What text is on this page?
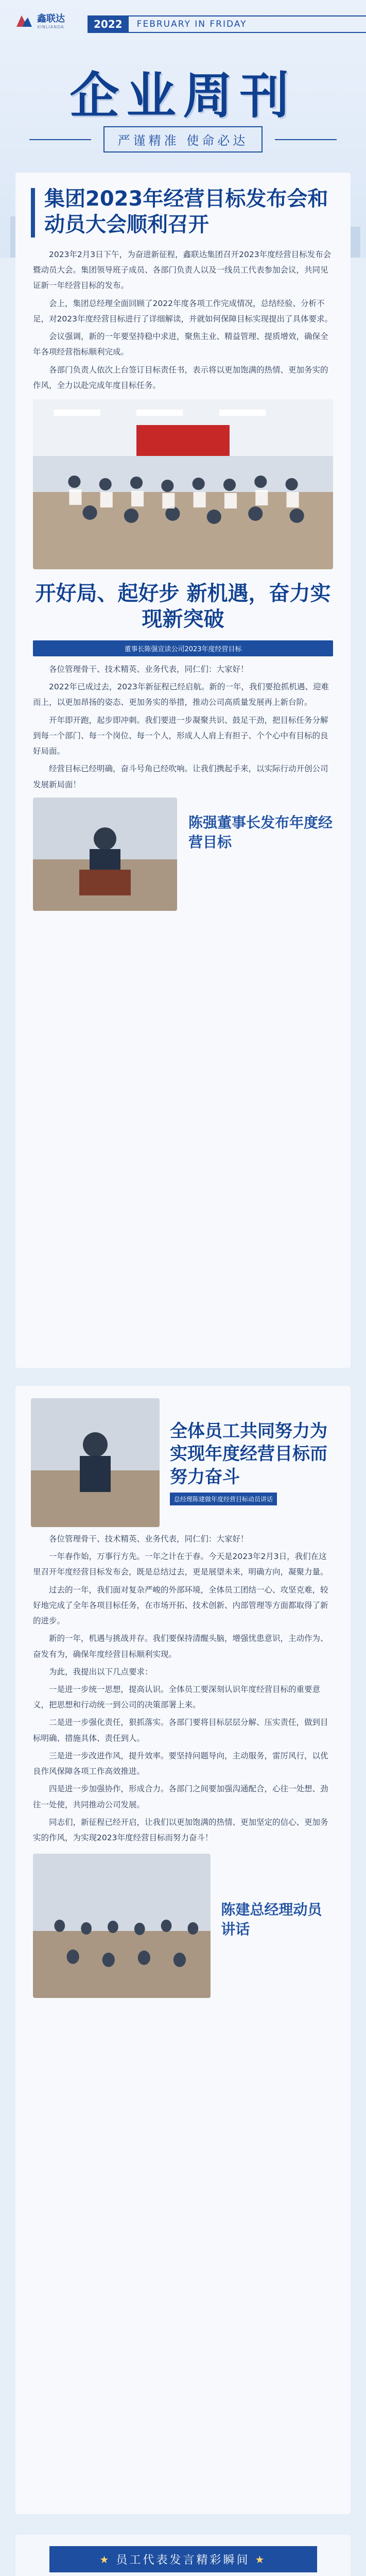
鑫联达
XINLIANDA	2022	FEBRUARY IN FRIDAY
企业周刊
严谨精准 使命必达
集团2023年经营目标发布会和动员大会顺利召开

2023年2月3日下午，为奋进新征程，鑫联达集团召开2023年度经营目标发布会暨动员大会。集团领导班子成员、各部门负责人以及一线员工代表参加会议，共同见证新一年经营目标的发布。

会上，集团总经理全面回顾了2022年度各项工作完成情况，总结经验、分析不足，对2023年度经营目标进行了详细解读，并就如何保障目标实现提出了具体要求。

会议强调，新的一年要坚持稳中求进，聚焦主业、精益管理、提质增效，确保全年各项经营指标顺利完成。

各部门负责人依次上台签订目标责任书，表示将以更加饱满的热情、更加务实的作风，全力以赴完成年度目标任务。

开好局、起好步 新机遇，奋力实现新突破
董事长陈强宣读公司2023年度经营目标

各位管理骨干、技术精英、业务代表，同仁们：大家好！

2022年已成过去，2023年新征程已经启航。新的一年，我们要抢抓机遇、迎难而上，以更加昂扬的姿态、更加务实的举措，推动公司高质量发展再上新台阶。

开年即开跑，起步即冲刺。我们要进一步凝聚共识、鼓足干劲，把目标任务分解到每一个部门、每一个岗位、每一个人，形成人人肩上有担子、个个心中有目标的良好局面。

经营目标已经明确，奋斗号角已经吹响。让我们携起手来，以实际行动开创公司发展新局面！

陈强董事长发布年度经营目标
全体员工共同努力为实现年度经营目标而努力奋斗
总经理陈建做年度经营目标动员讲话

各位管理骨干、技术精英、业务代表，同仁们：大家好！

一年春作始，万事行方先。一年之计在于春。今天是2023年2月3日，我们在这里召开年度经营目标发布会，既是总结过去，更是展望未来，明确方向，凝聚力量。

过去的一年，我们面对复杂严峻的外部环境，全体员工团结一心、攻坚克难，较好地完成了全年各项目标任务，在市场开拓、技术创新、内部管理等方面都取得了新的进步。

新的一年，机遇与挑战并存。我们要保持清醒头脑，增强忧患意识，主动作为、奋发有为，确保年度经营目标顺利实现。

为此，我提出以下几点要求：

一是进一步统一思想，提高认识。全体员工要深刻认识年度经营目标的重要意义，把思想和行动统一到公司的决策部署上来。

二是进一步强化责任，狠抓落实。各部门要将目标层层分解、压实责任，做到目标明确、措施具体、责任到人。

三是进一步改进作风，提升效率。要坚持问题导向，主动服务，雷厉风行，以优良作风保障各项工作高效推进。

四是进一步加强协作，形成合力。各部门之间要加强沟通配合，心往一处想、劲往一处使，共同推动公司发展。

同志们，新征程已经开启，让我们以更加饱满的热情、更加坚定的信心、更加务实的作风，为实现2023年度经营目标而努力奋斗！

陈建总经理动员讲话
★ 员工代表发言精彩瞬间 ★
